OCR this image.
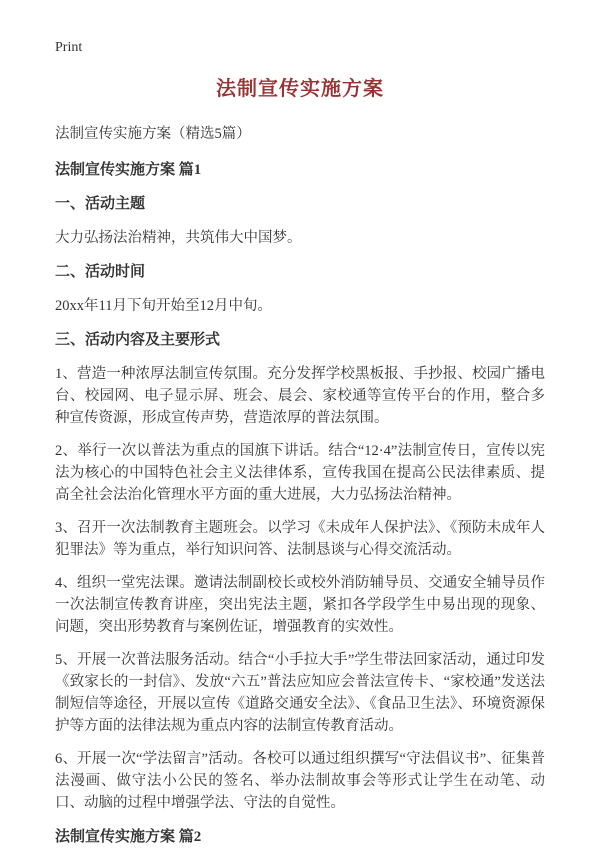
Print
法制宣传实施方案
法制宣传实施方案（精选5篇）
法制宣传实施方案 篇1
一、活动主题

大力弘扬法治精神，共筑伟大中国梦。

二、活动时间

20xx年11月下旬开始至12月中旬。

三、活动内容及主要形式

1、营造一种浓厚法制宣传氛围。充分发挥学校黑板报、手抄报、校园广播电台、校园网、电子显示屏、班会、晨会、家校通等宣传平台的作用，整合多种宣传资源，形成宣传声势，营造浓厚的普法氛围。

2、举行一次以普法为重点的国旗下讲话。结合“12·4”法制宣传日，宣传以宪法为核心的中国特色社会主义法律体系，宣传我国在提高公民法律素质、提高全社会法治化管理水平方面的重大进展，大力弘扬法治精神。

3、召开一次法制教育主题班会。以学习《未成年人保护法》、《预防未成年人犯罪法》等为重点，举行知识问答、法制恳谈与心得交流活动。

4、组织一堂宪法课。邀请法制副校长或校外消防辅导员、交通安全辅导员作一次法制宣传教育讲座，突出宪法主题，紧扣各学段学生中易出现的现象、问题，突出形势教育与案例佐证，增强教育的实效性。

5、开展一次普法服务活动。结合“小手拉大手”学生带法回家活动，通过印发《致家长的一封信》、发放“六五”普法应知应会普法宣传卡、“家校通”发送法制短信等途径，开展以宣传《道路交通安全法》、《食品卫生法》、环境资源保护等方面的法律法规为重点内容的法制宣传教育活动。

6、开展一次“学法留言”活动。各校可以通过组织撰写“守法倡议书”、征集普法漫画、做守法小公民的签名、举办法制故事会等形式让学生在动笔、动口、动脑的过程中增强学法、守法的自觉性。

法制宣传实施方案 篇2
